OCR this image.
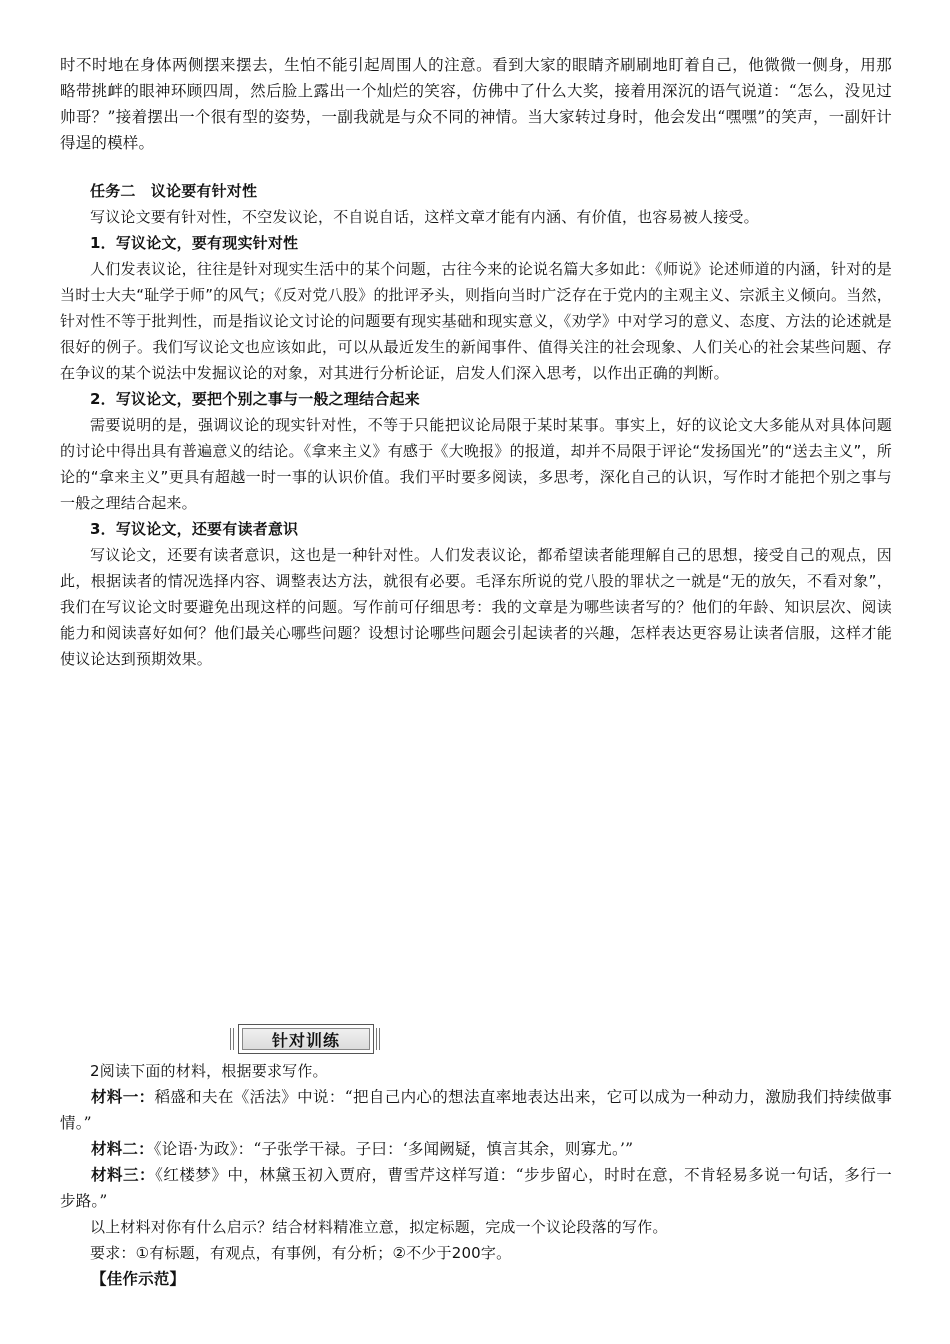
时不时地在身体两侧摆来摆去，生怕不能引起周围人的注意。看到大家的眼睛齐刷刷地盯着自己，他微微一侧身，用那略带挑衅的眼神环顾四周，然后脸上露出一个灿烂的笑容，仿佛中了什么大奖，接着用深沉的语气说道：“怎么，没见过帅哥？”接着摆出一个很有型的姿势，一副我就是与众不同的神情。当大家转过身时，他会发出“嘿嘿”的笑声，一副奸计得逞的模样。

任务二　议论要有针对性

写议论文要有针对性，不空发议论，不自说自话，这样文章才能有内涵、有价值，也容易被人接受。

1．写议论文，要有现实针对性

人们发表议论，往往是针对现实生活中的某个问题，古往今来的论说名篇大多如此：《师说》论述师道的内涵，针对的是当时士大夫“耻学于师”的风气；《反对党八股》的批评矛头，则指向当时广泛存在于党内的主观主义、宗派主义倾向。当然，针对性不等于批判性，而是指议论文讨论的问题要有现实基础和现实意义，《劝学》中对学习的意义、态度、方法的论述就是很好的例子。我们写议论文也应该如此，可以从最近发生的新闻事件、值得关注的社会现象、人们关心的社会某些问题、存在争议的某个说法中发掘议论的对象，对其进行分析论证，启发人们深入思考，以作出正确的判断。

2．写议论文，要把个别之事与一般之理结合起来

需要说明的是，强调议论的现实针对性，不等于只能把议论局限于某时某事。事实上，好的议论文大多能从对具体问题的讨论中得出具有普遍意义的结论。《拿来主义》有感于《大晚报》的报道，却并不局限于评论“发扬国光”的“送去主义”，所论的“拿来主义”更具有超越一时一事的认识价值。我们平时要多阅读，多思考，深化自己的认识，写作时才能把个别之事与一般之理结合起来。

3．写议论文，还要有读者意识

写议论文，还要有读者意识，这也是一种针对性。人们发表议论，都希望读者能理解自己的思想，接受自己的观点，因此，根据读者的情况选择内容、调整表达方法，就很有必要。毛泽东所说的党八股的罪状之一就是“无的放矢，不看对象”，我们在写议论文时要避免出现这样的问题。写作前可仔细思考：我的文章是为哪些读者写的？他们的年龄、知识层次、阅读能力和阅读喜好如何？他们最关心哪些问题？设想讨论哪些问题会引起读者的兴趣，怎样表达更容易让读者信服，这样才能使议论达到预期效果。

针对训练

2阅读下面的材料，根据要求写作。

材料一：稻盛和夫在《活法》中说：“把自己内心的想法直率地表达出来，它可以成为一种动力，激励我们持续做事情。”

材料二：《论语·为政》：“子张学干禄。子曰：‘多闻阙疑，慎言其余，则寡尤。’”

材料三：《红楼梦》中，林黛玉初入贾府，曹雪芹这样写道：“步步留心，时时在意，不肯轻易多说一句话，多行一步路。”

以上材料对你有什么启示？结合材料精准立意，拟定标题，完成一个议论段落的写作。

要求：①有标题，有观点，有事例，有分析；②不少于200字。

【佳作示范】
